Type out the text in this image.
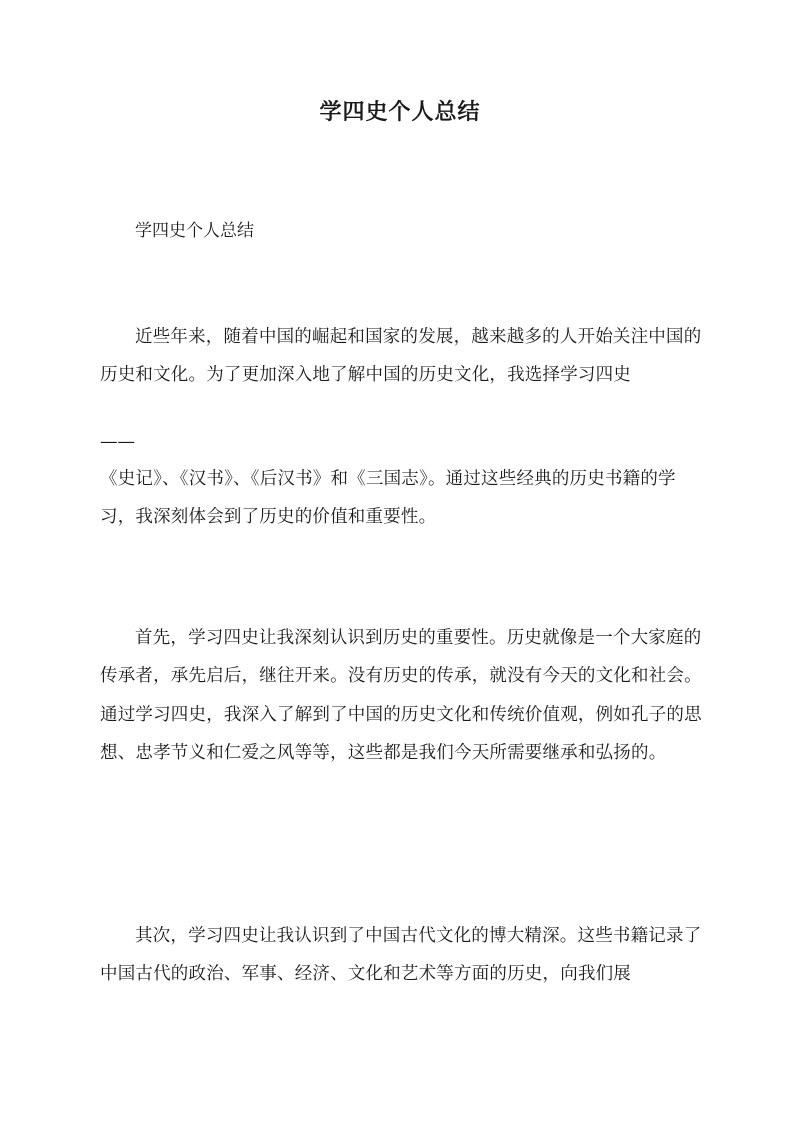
学四史个人总结

学四史个人总结

近些年来，随着中国的崛起和国家的发展，越来越多的人开始关注中国的历史和文化。为了更加深入地了解中国的历史文化，我选择学习四史

——

《史记》、《汉书》、《后汉书》和《三国志》。通过这些经典的历史书籍的学习，我深刻体会到了历史的价值和重要性。

首先，学习四史让我深刻认识到历史的重要性。历史就像是一个大家庭的传承者，承先启后，继往开来。没有历史的传承，就没有今天的文化和社会。通过学习四史，我深入了解到了中国的历史文化和传统价值观，例如孔子的思想、忠孝节义和仁爱之风等等，这些都是我们今天所需要继承和弘扬的。

其次，学习四史让我认识到了中国古代文化的博大精深。这些书籍记录了中国古代的政治、军事、经济、文化和艺术等方面的历史，向我们展
